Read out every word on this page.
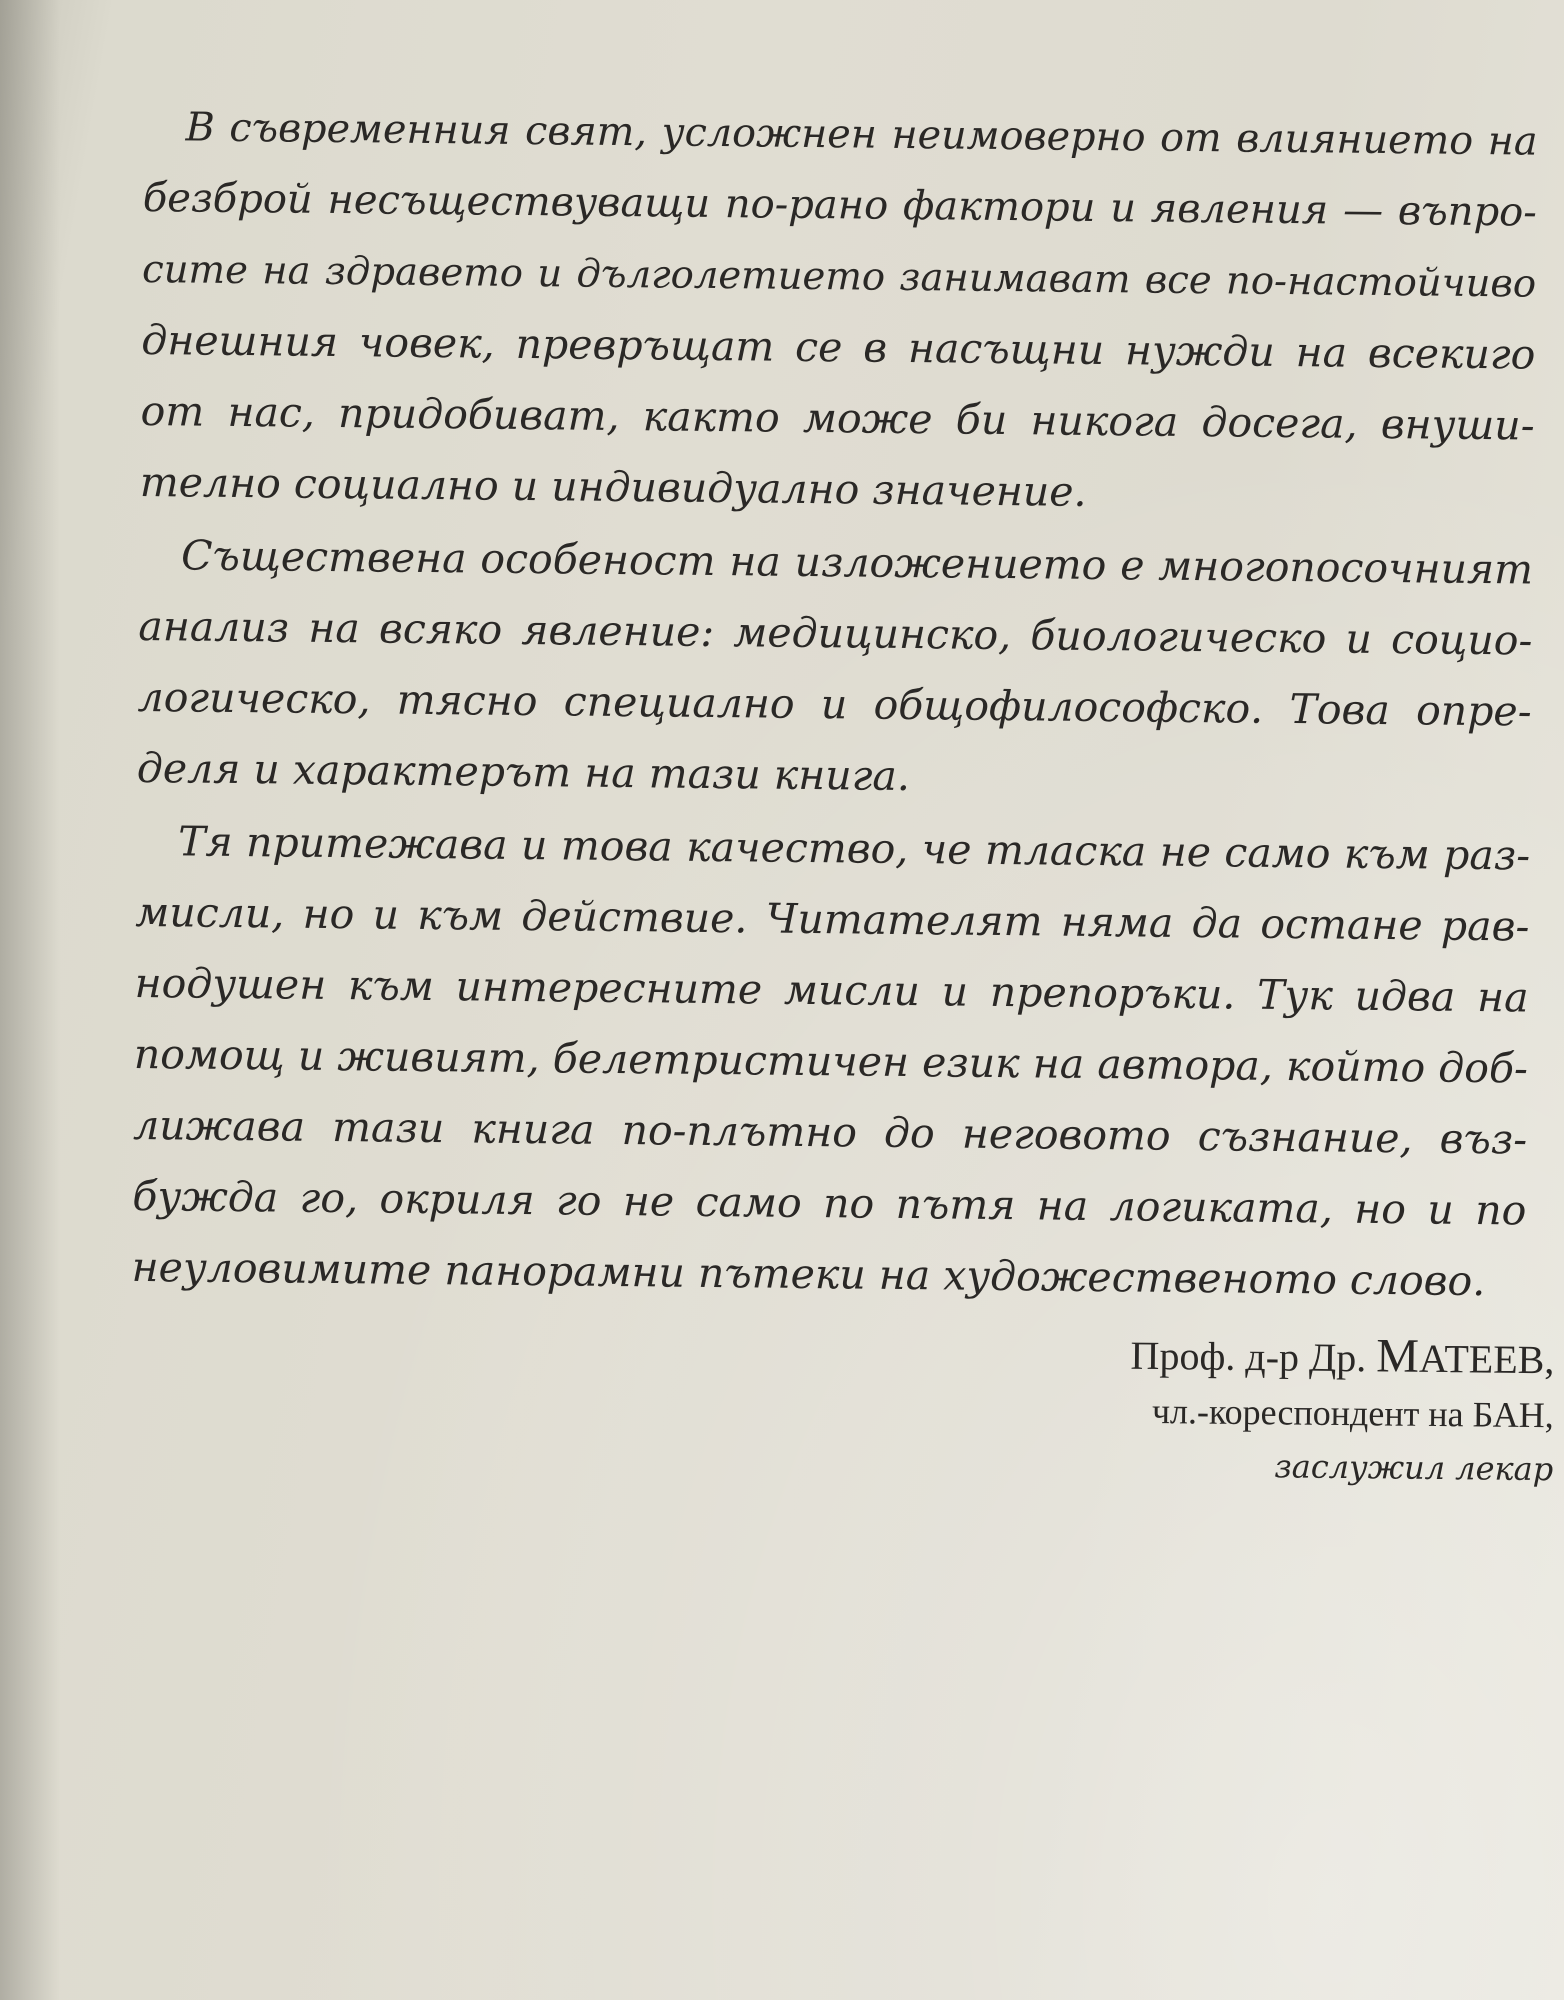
В съвременния свят, усложнен неимоверно от влиянието на
безброй несъществуващи по-рано фактори и явления — въпро-
сите на здравето и дълголетието занимават все по-настойчиво
днешния човек, превръщат се в насъщни нужди на всекиго
от нас, придобиват, както може би никога досега, внуши-
телно социално и индивидуално значение.
Съществена особеност на изложението е многопосочният
анализ на всяко явление: медицинско, биологическо и социо-
логическо, тясно специално и общофилософско. Това опре-
деля и характерът на тази книга.
Тя притежава и това качество, че тласка не само към раз-
мисли, но и към действие. Читателят няма да остане рав-
нодушен към интересните мисли и препоръки. Тук идва на
помощ и живият, белетристичен език на автора, който доб-
лижава тази книга по-плътно до неговото съзнание, въз-
бужда го, окриля го не само по пътя на логиката, но и по
неуловимите панорамни пътеки на художественото слово.
Проф. д-р Др. МАТЕЕВ,
чл.-кореспондент на БАН,
заслужил лекар
